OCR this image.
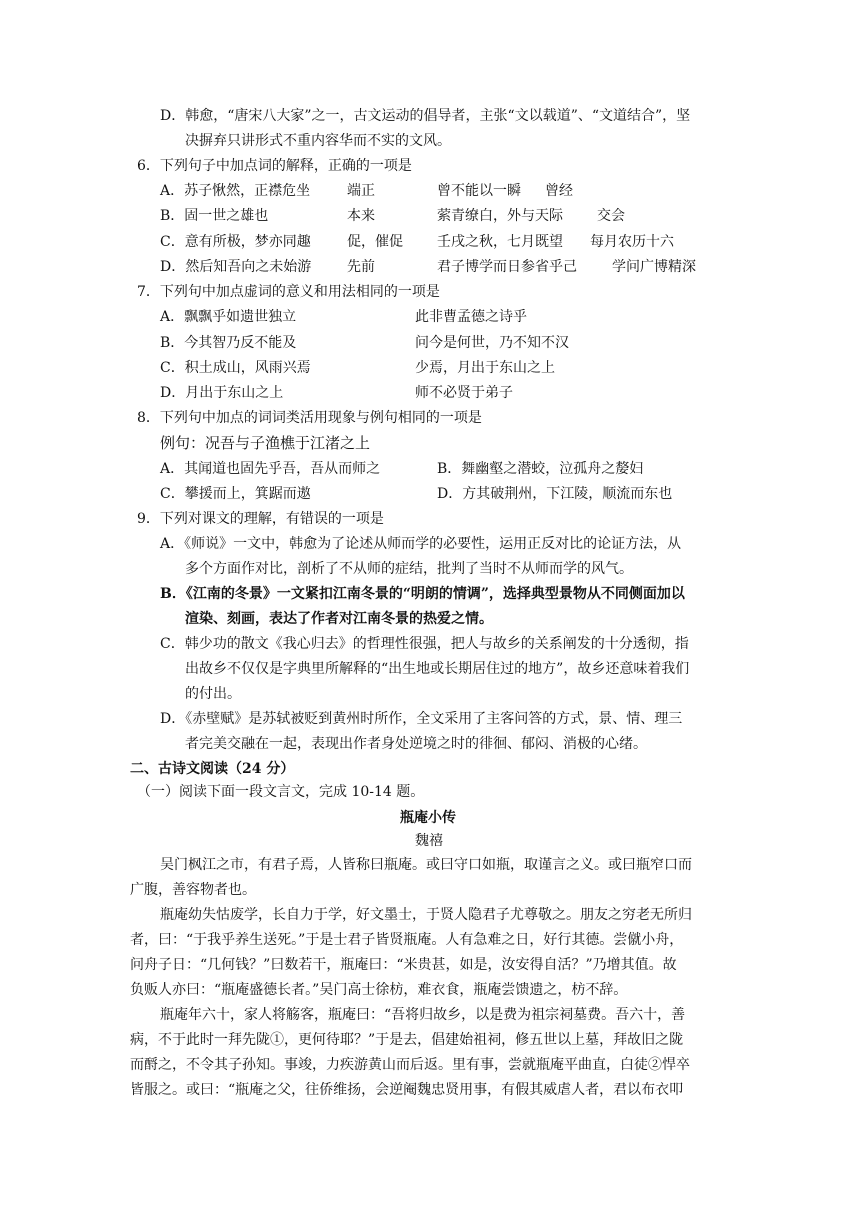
D．韩愈，“唐宋八大家”之一，古文运动的倡导者，主张“文以载道”、“文道结合”，坚
决摒弃只讲形式不重内容华而不实的文风。
6．下列句子中加点词的解释，正确的一项是
A．苏子愀然，正襟危坐	端正	曾不能以一瞬 曾经
B．固一世之雄也	本来	萦青缭白，外与天际 交会
C．意有所极，梦亦同趣	促，催促 壬戌之秋，七月既望 每月农历十六
D．然后知吾向之未始游	先前	君子博学而日参省乎己	学问广博精深
7．下列句中加点虚词的意义和用法相同的一项是
A．飘飘乎如遗世独立	此非曹孟德之诗乎
B．今其智乃反不能及	问今是何世，乃不知不汉
C．积土成山，风雨兴焉	少焉，月出于东山之上
D．月出于东山之上	师不必贤于弟子
8．下列句中加点的词词类活用现象与例句相同的一项是
例句：况吾与子渔樵于江渚之上
A．其闻道也固先乎吾，吾从而师之	B．舞幽壑之潜蛟，泣孤舟之嫠妇
C．攀援而上，箕踞而遨	D．方其破荆州，下江陵，顺流而东也
9．下列对课文的理解，有错误的一项是
A．《师说》一文中，韩愈为了论述从师而学的必要性，运用正反对比的论证方法，从
多个方面作对比，剖析了不从师的症结，批判了当时不从师而学的风气。
B．《江南的冬景》一文紧扣江南冬景的“明朗的情调”，选择典型景物从不同侧面加以
渲染、刻画，表达了作者对江南冬景的热爱之情。
C．韩少功的散文《我心归去》的哲理性很强，把人与故乡的关系阐发的十分透彻，指
出故乡不仅仅是字典里所解释的“出生地或长期居住过的地方”，故乡还意味着我们
的付出。
D．《赤壁赋》是苏轼被贬到黄州时所作，全文采用了主客问答的方式，景、情、理三
者完美交融在一起，表现出作者身处逆境之时的徘徊、郁闷、消极的心绪。
二、古诗文阅读（24 分）
（一）阅读下面一段文言文，完成 10-14 题。
瓶庵小传
魏禧
吴门枫江之市，有君子焉，人皆称曰瓶庵。或曰守口如瓶，取谨言之义。或曰瓶窄口而
广腹，善容物者也。
瓶庵幼失怙废学，长自力于学，好文墨士，于贤人隐君子尤尊敬之。朋友之穷老无所归
者，曰：“于我乎养生送死。”于是士君子皆贤瓶庵。人有急难之日，好行其德。尝僦小舟，
问舟子日：“几何钱？”曰数若干，瓶庵曰：“米贵甚，如是，汝安得自活？”乃增其值。故
负贩人亦曰：“瓶庵盛德长者。”吴门高士徐枋，难衣食，瓶庵尝馈遗之，枋不辞。
瓶庵年六十，家人将觞客，瓶庵曰：“吾将归故乡，以是费为祖宗祠墓费。吾六十，善
病，不于此时一拜先陇①，更何待耶？”于是去，倡建始祖祠，修五世以上墓，拜故旧之陇
而酹之，不令其子孙知。事竣，力疾游黄山而后返。里有事，尝就瓶庵平曲直，白徒②悍卒
皆服之。或曰：“瓶庵之父，往侨维扬，会逆阉魏忠贤用事，有假其威虐人者，君以布衣叩
